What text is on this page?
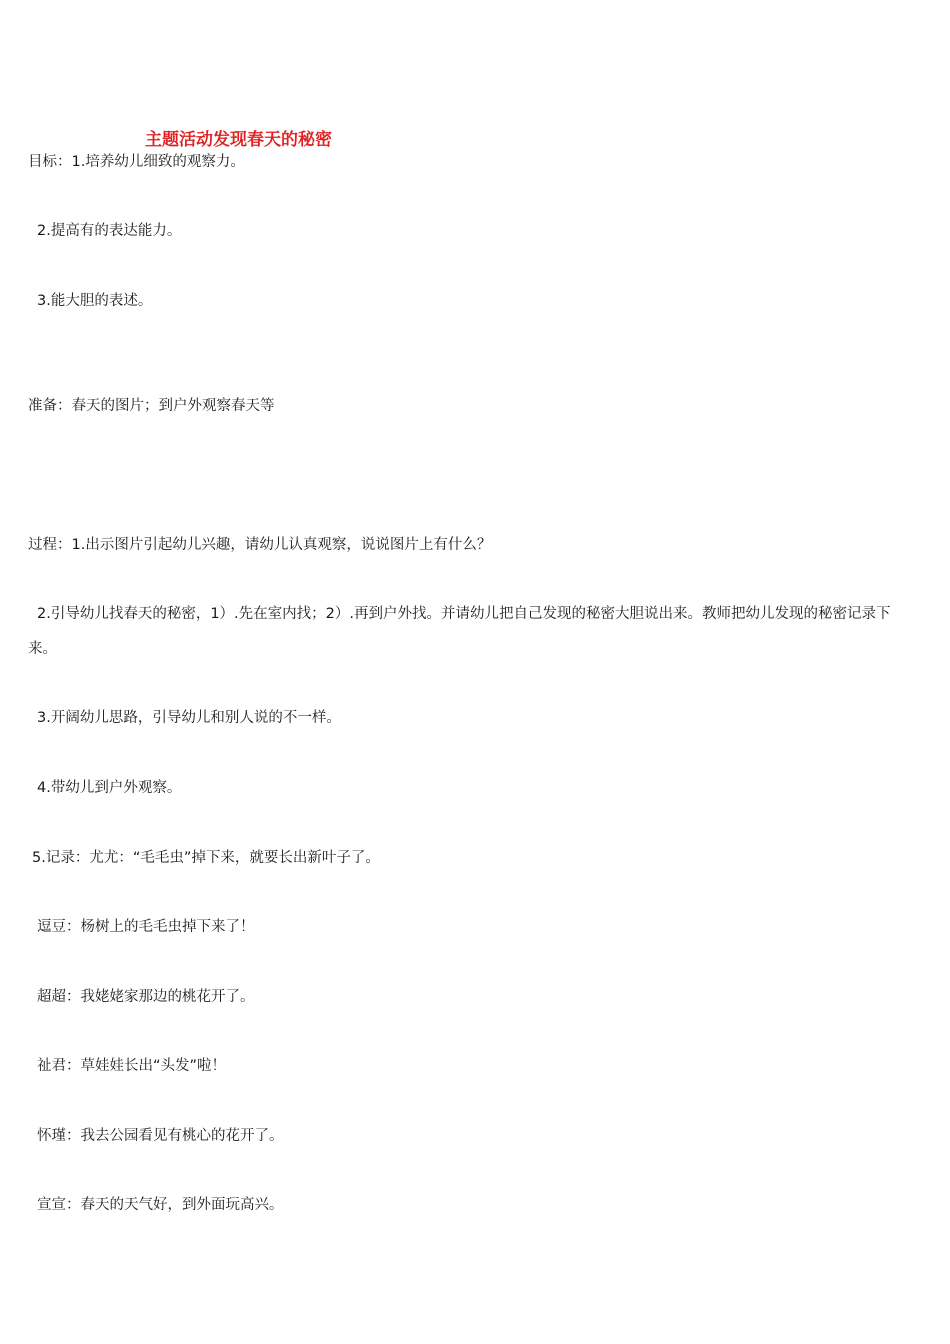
主题活动发现春天的秘密
目标：1.培养幼儿细致的观察力。
2.提高有的表达能力。
3.能大胆的表述。
准备：春天的图片；到户外观察春天等
过程：1.出示图片引起幼儿兴趣，请幼儿认真观察，说说图片上有什么？
2.引导幼儿找春天的秘密，1）.先在室内找；2）.再到户外找。并请幼儿把自己发现的秘密大胆说出来。教师把幼儿发现的秘密记录下来。
3.开阔幼儿思路，引导幼儿和别人说的不一样。
4.带幼儿到户外观察。
5.记录：尤尤：“毛毛虫”掉下来，就要长出新叶子了。
逗豆：杨树上的毛毛虫掉下来了！
超超：我姥姥家那边的桃花开了。
祉君：草娃娃长出“头发”啦！
怀瑾：我去公园看见有桃心的花开了。
宣宣：春天的天气好，到外面玩高兴。
